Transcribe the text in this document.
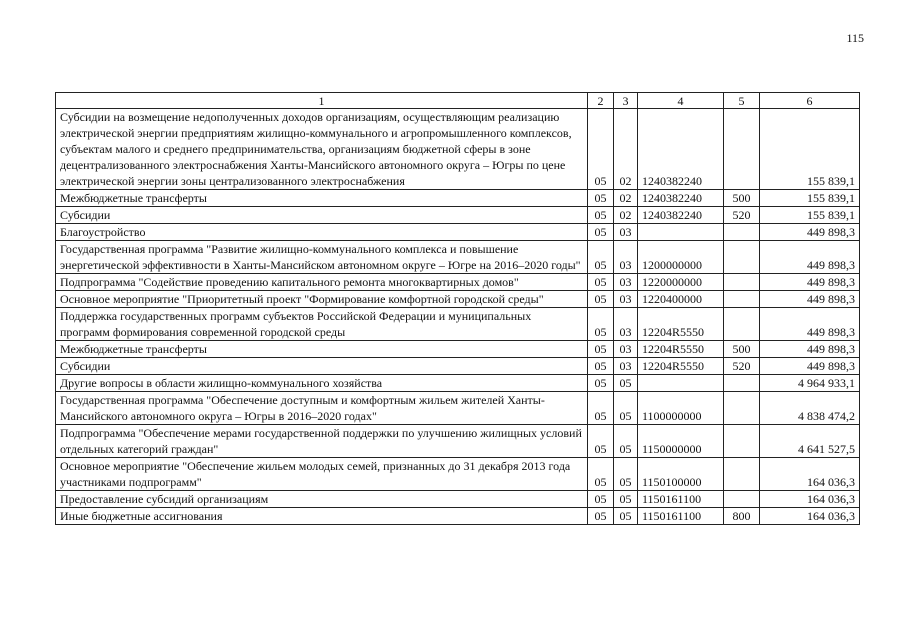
115
1	2	3	4	5	6
Субсидии на возмещение недополученных доходов организациям, осуществляющим реализацию электрической энергии предприятиям жилищно-коммунального и агропромышленного комплексов, субъектам малого и среднего предпринимательства, организациям бюджетной сферы в зоне децентрализованного электроснабжения Ханты-Мансийского автономного округа – Югры по цене электрической энергии зоны централизованного электроснабжения	05	02	1240382240		155 839,1
Межбюджетные трансферты	05	02	1240382240	500	155 839,1
Субсидии	05	02	1240382240	520	155 839,1
Благоустройство	05	03			449 898,3
Государственная программа "Развитие жилищно-коммунального комплекса и повышение энергетической эффективности в Ханты-Мансийском автономном округе – Югре на 2016–2020 годы"	05	03	1200000000		449 898,3
Подпрограмма "Содействие проведению капитального ремонта многоквартирных домов"	05	03	1220000000		449 898,3
Основное мероприятие "Приоритетный проект "Формирование комфортной городской среды"	05	03	1220400000		449 898,3
Поддержка государственных программ субъектов Российской Федерации и муниципальных программ формирования современной городской среды	05	03	12204R5550		449 898,3
Межбюджетные трансферты	05	03	12204R5550	500	449 898,3
Субсидии	05	03	12204R5550	520	449 898,3
Другие вопросы в области жилищно-коммунального хозяйства	05	05			4 964 933,1
Государственная программа "Обеспечение доступным и комфортным жильем жителей Ханты-Мансийского автономного округа – Югры в 2016–2020 годах"	05	05	1100000000		4 838 474,2
Подпрограмма "Обеспечение мерами государственной поддержки по улучшению жилищных условий отдельных категорий граждан"	05	05	1150000000		4 641 527,5
Основное мероприятие "Обеспечение жильем молодых семей, признанных до 31 декабря 2013 года участниками подпрограмм"	05	05	1150100000		164 036,3
Предоставление субсидий организациям	05	05	1150161100		164 036,3
Иные бюджетные ассигнования	05	05	1150161100	800	164 036,3
